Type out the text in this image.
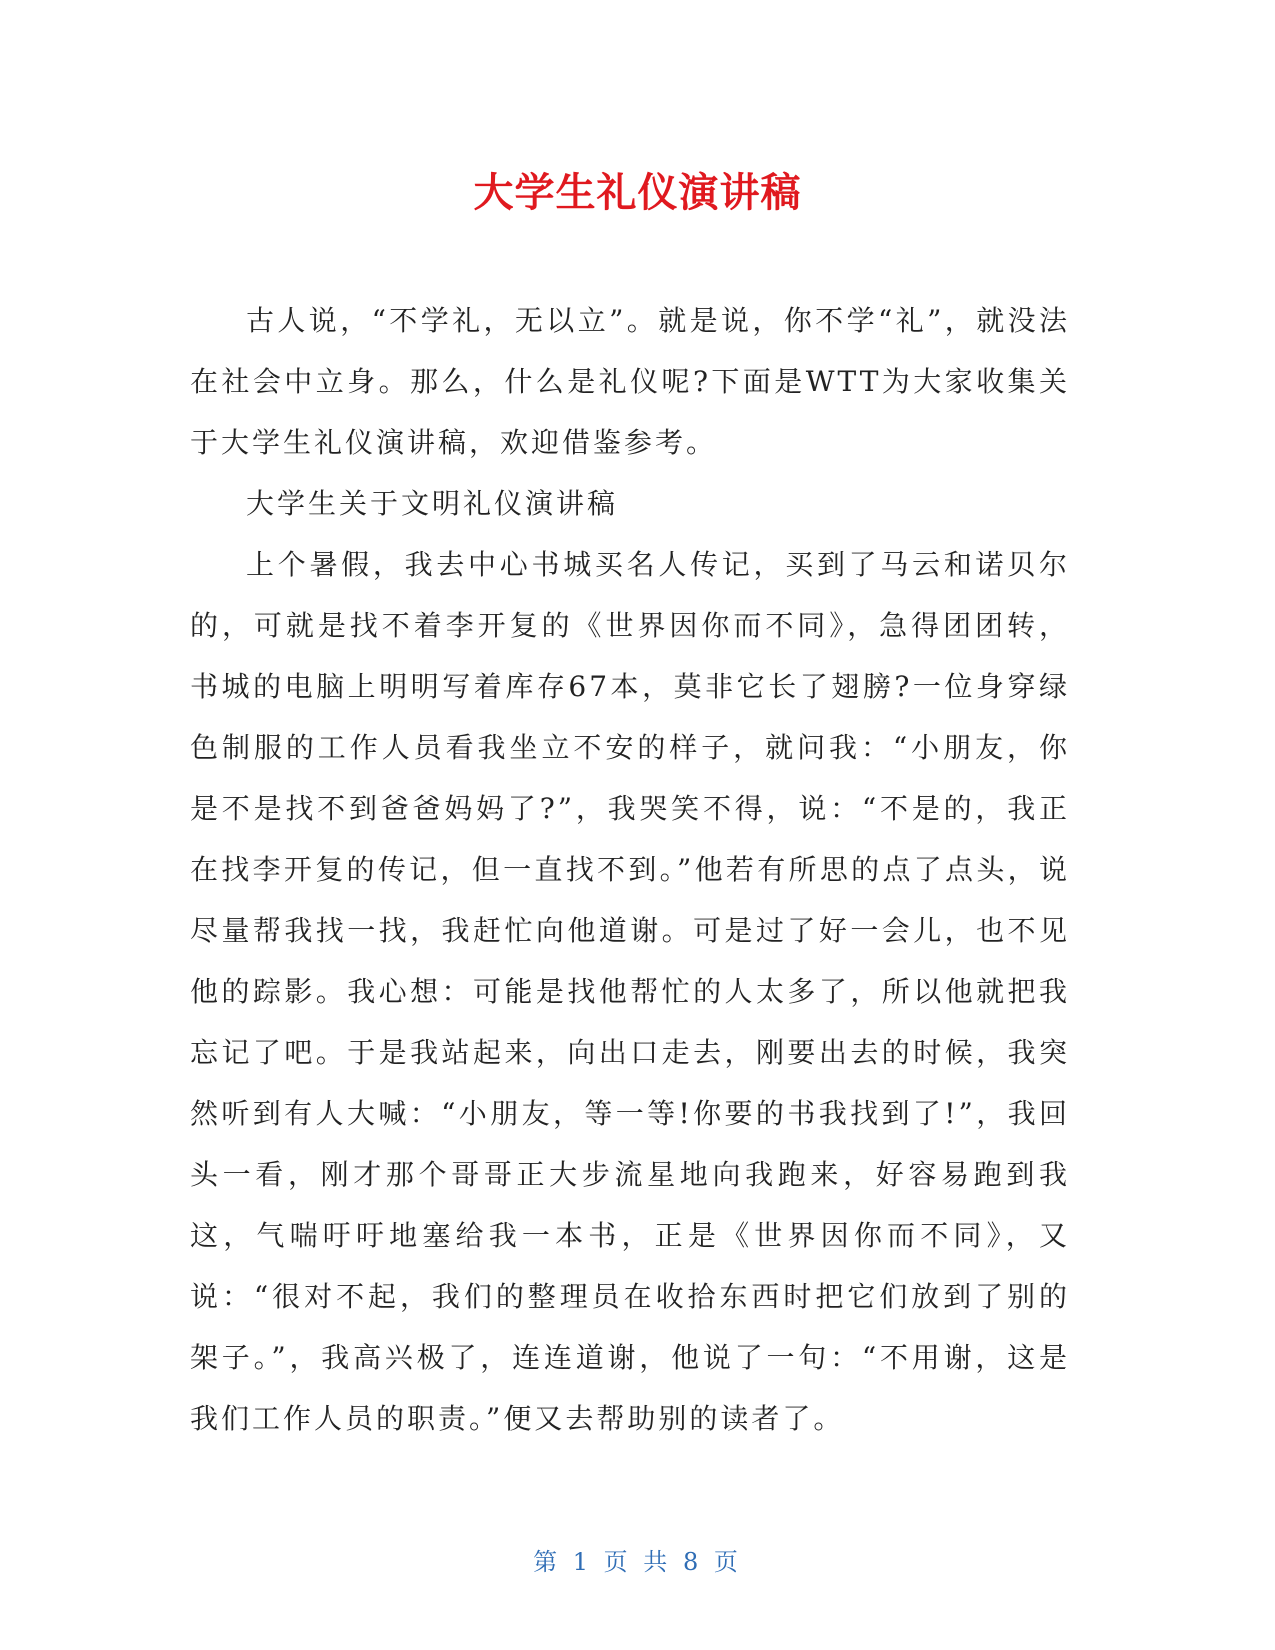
大学生礼仪演讲稿

古人说，“不学礼，无以立”。就是说，你不学“礼”，就没法在社会中立身。那么，什么是礼仪呢?下面是WTT为大家收集关于大学生礼仪演讲稿，欢迎借鉴参考。

大学生关于文明礼仪演讲稿

上个暑假，我去中心书城买名人传记，买到了马云和诺贝尔的，可就是找不着李开复的《世界因你而不同》，急得团团转，书城的电脑上明明写着库存67本，莫非它长了翅膀?一位身穿绿色制服的工作人员看我坐立不安的样子，就问我：“小朋友，你是不是找不到爸爸妈妈了?”，我哭笑不得，说：“不是的，我正在找李开复的传记，但一直找不到。”他若有所思的点了点头，说尽量帮我找一找，我赶忙向他道谢。可是过了好一会儿，也不见他的踪影。我心想：可能是找他帮忙的人太多了，所以他就把我忘记了吧。于是我站起来，向出口走去，刚要出去的时候，我突然听到有人大喊：“小朋友，等一等!你要的书我找到了!”，我回头一看，刚才那个哥哥正大步流星地向我跑来，好容易跑到我这，气喘吁吁地塞给我一本书，正是《世界因你而不同》，又说：“很对不起，我们的整理员在收拾东西时把它们放到了别的架子。”，我高兴极了，连连道谢，他说了一句：“不用谢，这是我们工作人员的职责。”便又去帮助别的读者了。

第 1 页 共 8 页
